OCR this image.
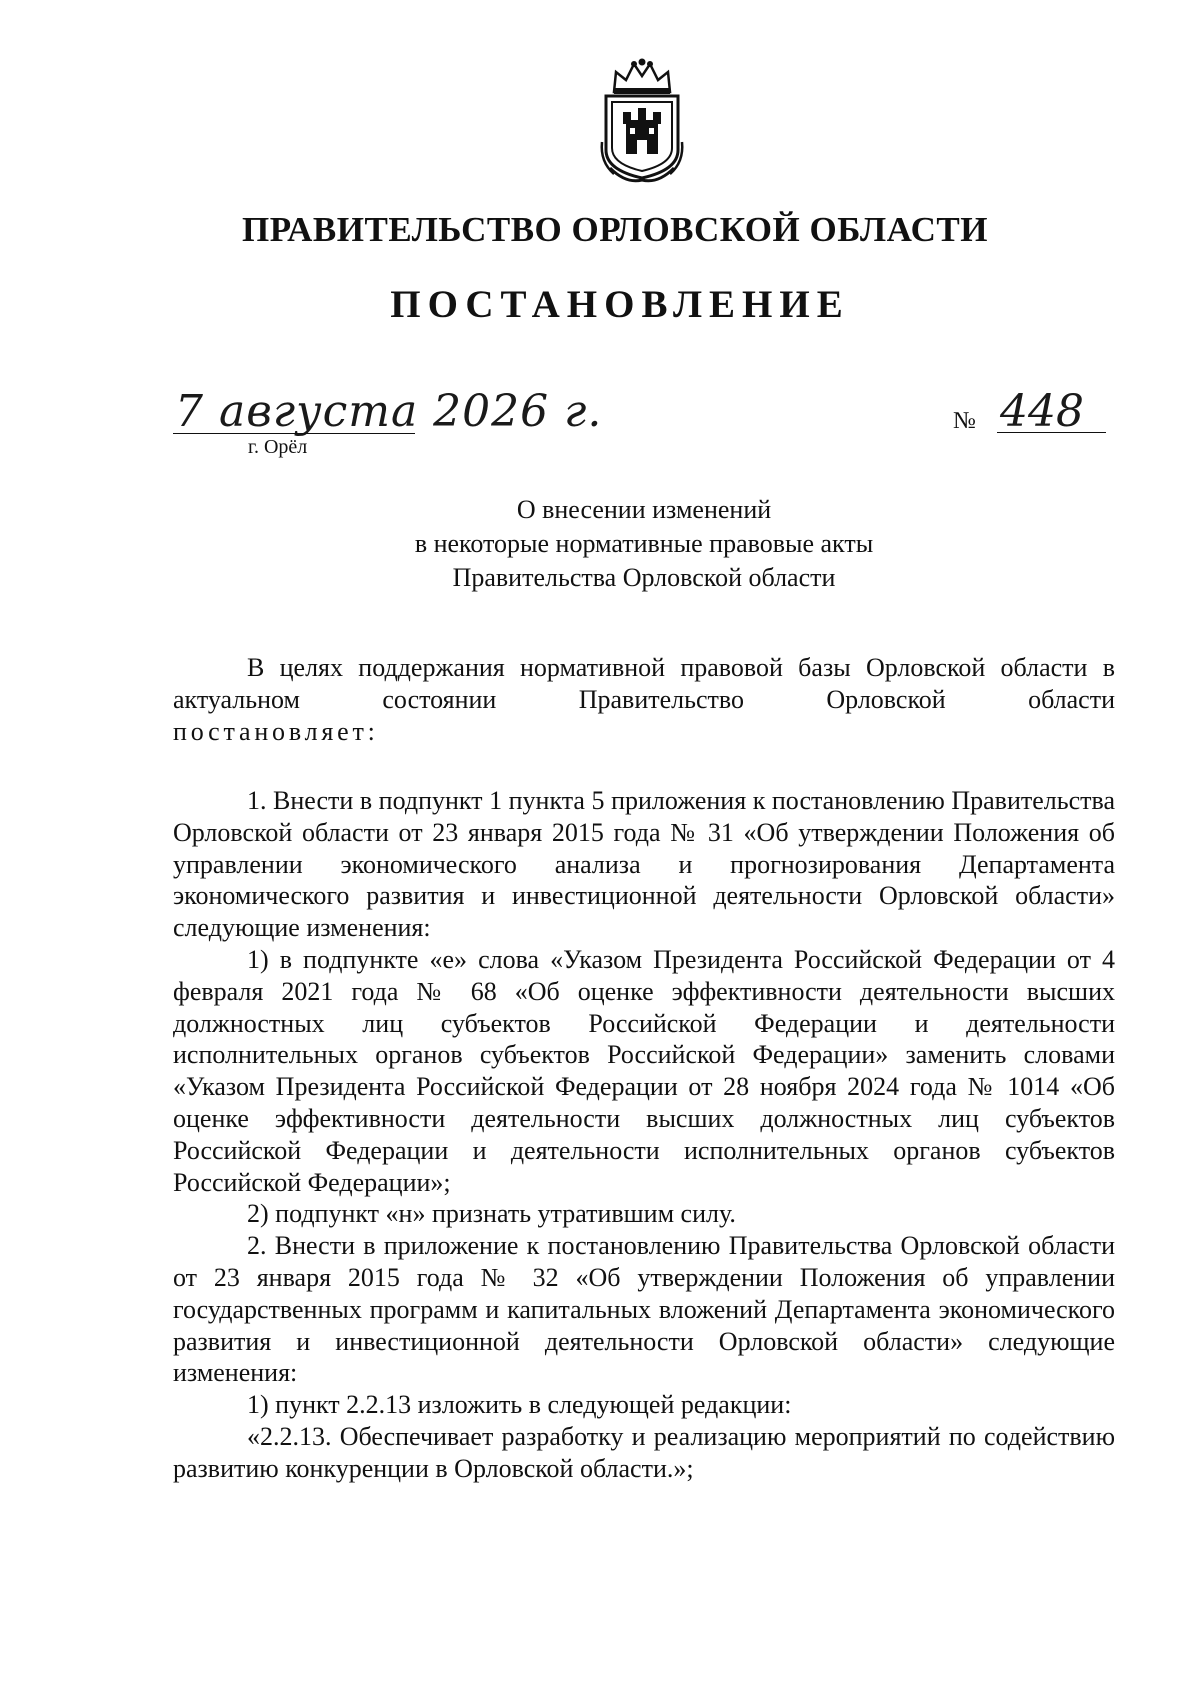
ПРАВИТЕЛЬСТВО ОРЛОВСКОЙ ОБЛАСТИ
ПОСТАНОВЛЕНИЕ
7 августа 2026 г.
г. Орёл
№ 448
О внесении изменений
в некоторые нормативные правовые акты
Правительства Орловской области

В целях поддержания нормативной правовой базы Орловской области в актуальном состоянии Правительство Орловской области

постановляет:

1. Внести в подпункт 1 пункта 5 приложения к постановлению Правительства Орловской области от 23 января 2015 года № 31 «Об утверждении Положения об управлении экономического анализа и прогнозирования Департамента экономического развития и инвестиционной деятельности Орловской области» следующие изменения:

1) в подпункте «е» слова «Указом Президента Российской Федерации от 4 февраля 2021 года № 68 «Об оценке эффективности деятельности высших должностных лиц субъектов Российской Федерации и деятельности исполнительных органов субъектов Российской Федерации» заменить словами «Указом Президента Российской Федерации от 28 ноября 2024 года № 1014 «Об оценке эффективности деятельности высших должностных лиц субъектов Российской Федерации и деятельности исполнительных органов субъектов Российской Федерации»;

2) подпункт «н» признать утратившим силу.

2. Внести в приложение к постановлению Правительства Орловской области от 23 января 2015 года № 32 «Об утверждении Положения об управлении государственных программ и капитальных вложений Департамента экономического развития и инвестиционной деятельности Орловской области» следующие изменения:

1) пункт 2.2.13 изложить в следующей редакции:

«2.2.13. Обеспечивает разработку и реализацию мероприятий по содействию развитию конкуренции в Орловской области.»;
